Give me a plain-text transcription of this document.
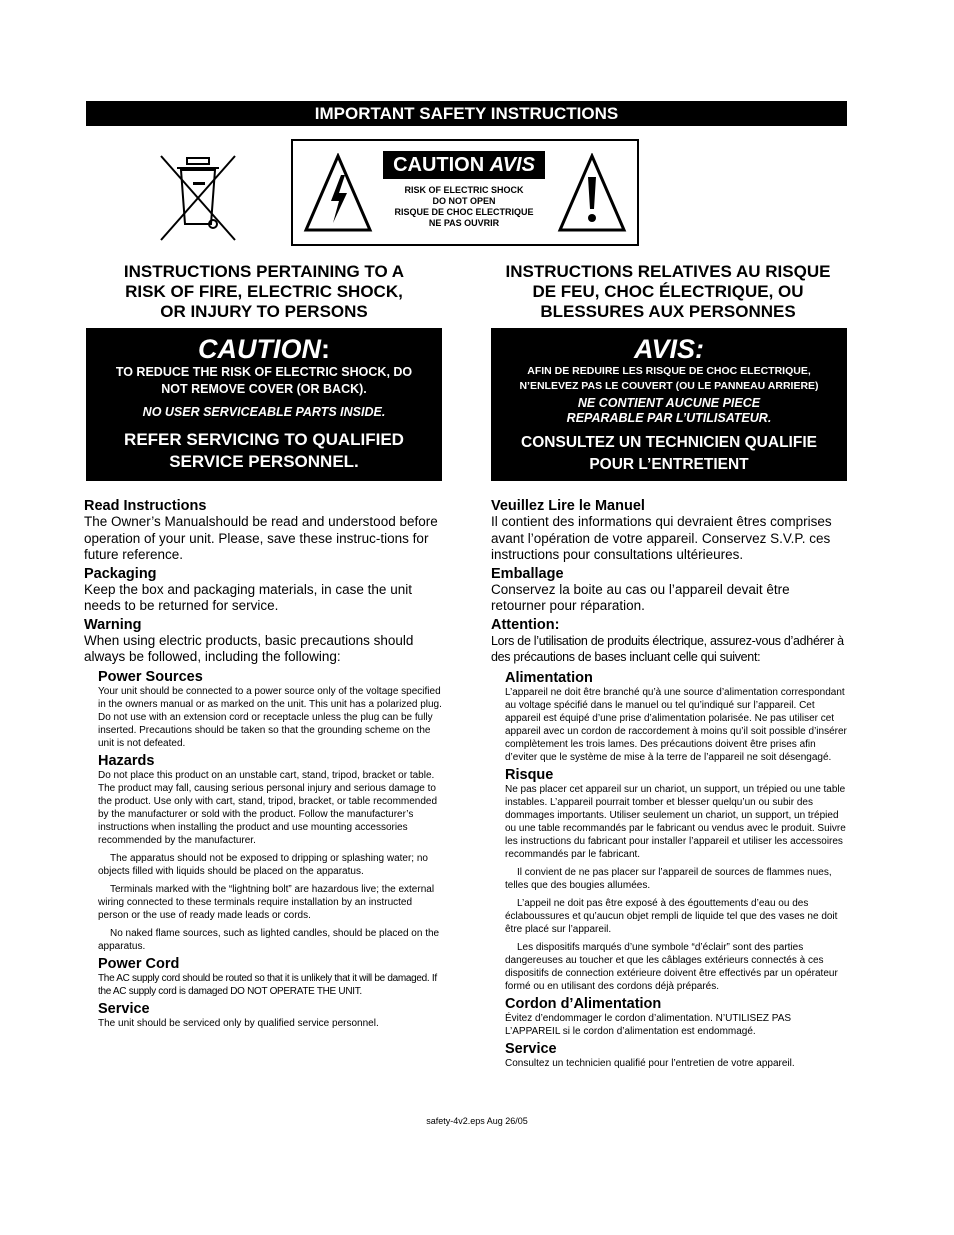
IMPORTANT SAFETY INSTRUCTIONS
CAUTION AVIS
RISK OF ELECTRIC SHOCK
DO NOT OPEN
RISQUE DE CHOC ELECTRIQUE
NE PAS OUVRIR
INSTRUCTIONS PERTAINING TO A
RISK OF FIRE, ELECTRIC SHOCK,
OR INJURY TO PERSONS
CAUTION:
TO REDUCE THE RISK OF ELECTRIC SHOCK, DO
NOT REMOVE COVER (OR BACK).
NO USER SERVICEABLE PARTS INSIDE.
REFER SERVICING TO QUALIFIED
SERVICE PERSONNEL.
Read Instructions
The Owner’s Manualshould be read and understood before operation of your unit. Please, save these instruc-tions for future reference.
Packaging
Keep the box and packaging materials, in case the unit needs to be returned for service.
Warning
When using electric products, basic precautions should always be followed, including the following:
Power Sources
Your unit should be connected to a power source only of the voltage specified in the owners manual or as marked on the unit. This unit has a polarized plug. Do not use with an extension cord or receptacle unless the plug can be fully inserted. Precautions should be taken so that the grounding scheme on the unit is not defeated.
Hazards
Do not place this product on an unstable cart, stand, tripod, bracket or table. The product may fall, causing serious personal injury and serious damage to the product. Use only with cart, stand, tripod, bracket, or table recommended by the manufacturer or sold with the product. Follow the manufacturer’s instructions when installing the product and use mounting accessories recommended by the manufacturer.
The apparatus should not be exposed to dripping or splashing water; no objects filled with liquids should be placed on the apparatus.
Terminals marked with the “lightning bolt” are hazardous live; the external wiring connected to these terminals require installation by an instructed person or the use of ready made leads or cords.
No naked flame sources, such as lighted candles, should be placed on the apparatus.
Power Cord
The AC supply cord should be routed so that it is unlikely that it will be damaged. If the AC supply cord is damaged DO NOT OPERATE THE UNIT.
Service
The unit should be serviced only by qualified service personnel.
INSTRUCTIONS RELATIVES AU RISQUE
DE FEU, CHOC ÉLECTRIQUE, OU
BLESSURES AUX PERSONNES
AVIS:
AFIN DE REDUIRE LES RISQUE DE CHOC ELECTRIQUE,
N’ENLEVEZ PAS LE COUVERT (OU LE PANNEAU ARRIERE)
NE CONTIENT AUCUNE PIECE
REPARABLE PAR L’UTILISATEUR.
CONSULTEZ UN TECHNICIEN QUALIFIE
POUR L’ENTRETIENT
Veuillez Lire le Manuel
Il contient des informations qui devraient êtres comprises avant l’opération de votre appareil. Conservez S.V.P. ces instructions pour consultations ultérieures.
Emballage
Conservez la boite au cas ou l’appareil devait être retourner pour réparation.
Attention:
Lors de l’utilisation de produits électrique, assurez-vous d’adhérer à des précautions de bases incluant celle qui suivent:
Alimentation
L’appareil ne doit être branché qu’à une source d’alimentation correspondant au voltage spécifié dans le manuel ou tel qu’indiqué sur l’appareil. Cet appareil est équipé d’une prise d’alimentation polarisée. Ne pas utiliser cet appareil avec un cordon de raccordement à moins qu’il soit possible d’insérer complètement les trois lames. Des précautions doivent être prises afin d’eviter que le système de mise à la terre de l’appareil ne soit désengagé.
Risque
Ne pas placer cet appareil sur un chariot, un support, un trépied ou une table instables. L’appareil pourrait tomber et blesser quelqu’un ou subir des dommages importants. Utiliser seulement un chariot, un support, un trépied ou une table recommandés par le fabricant ou vendus avec le produit. Suivre les instructions du fabricant pour installer l’appareil et utiliser les accessoires recommandés par le fabricant.
Il convient de ne pas placer sur l’appareil de sources de flammes nues, telles que des bougies allumées.
L’appeil ne doit pas être exposé à des égouttements d’eau ou des éclaboussures et qu’aucun objet rempli de liquide tel que des vases ne doit être placé sur l’appareil.
Les dispositifs marqués d’une symbole “d’éclair” sont des parties dangereuses au toucher et que les câblages extérieurs connectés à ces dispositifs de connection extérieure doivent être effectivés par un opérateur formé ou en utilisant des cordons déjà préparés.
Cordon d’Alimentation
Évitez d’endommager le cordon d’alimentation. N’UTILISEZ PAS L’APPAREIL si le cordon d’alimentation est endommagé.
Service
Consultez un technicien qualifié pour l’entretien de votre appareil.
safety-4v2.eps Aug 26/05
